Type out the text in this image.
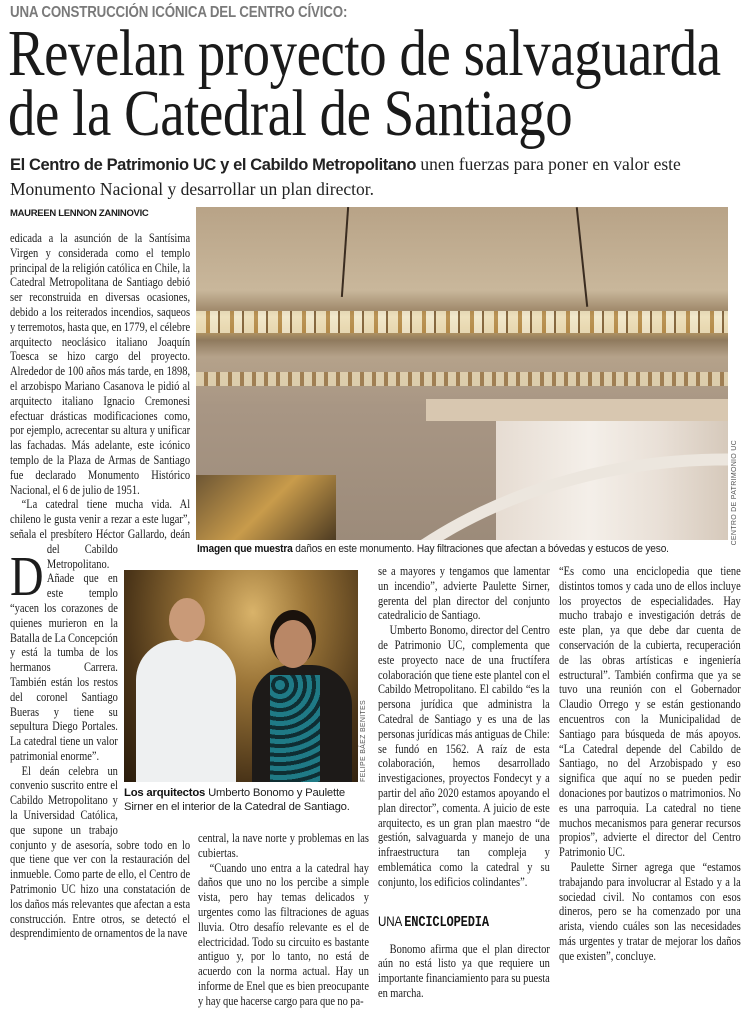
UNA CONSTRUCCIÓN ICÓNICA DEL CENTRO CÍVICO:
Revelan proyecto de salvaguarda
de la Catedral de Santiago
El Centro de Patrimonio UC y el Cabildo Metropolitano unen fuerzas para poner en valor este Monumento Nacional y desarrollar un plan director.
MAUREEN LENNON ZANINOVIC
CENTRO DE PATRIMONIO UC
Imagen que muestra daños en este monumento. Hay filtraciones que afectan a bóvedas y estucos de yeso.

D
edicada a la asunción de la Santísima Virgen y considerada como el templo principal de la religión católica en Chile, la Catedral Metropolitana de Santiago debió ser reconstruida en diversas ocasiones, debido a los reiterados incendios, saqueos y terremotos, hasta que, en 1779, el célebre arquitecto neoclásico italiano Joaquín Toesca se hizo cargo del proyecto. Alrededor de 100 años más tarde, en 1898, el arzobispo Mariano Casanova le pidió al arquitecto italiano Ignacio Cremonesi efectuar drásticas modificaciones como, por ejemplo, acrecentar su altura y unificar las fachadas. Más adelante, este icónico templo de la Plaza de Armas de Santiago fue declarado Monumento Histórico Nacional, el 6 de julio de 1951.

“La catedral tiene mucha vida. Al chileno le gusta venir a rezar a este lugar”, señala el presbítero Héctor Gallardo, deán del Cabildo Metropolitano. Añade que en este templo “yacen los corazones de quienes murieron en la Batalla de La Concepción y está la tumba de los hermanos Carrera. También están los restos del coronel Santiago Bueras y tiene su sepultura Diego Portales. La catedral tiene un valor patrimonial enorme”.

El deán celebra un convenio suscrito entre el Cabildo Metropolitano y la Universidad Católica, que supone un trabajo conjunto y de asesoría, sobre todo en lo que tiene que ver con la restauración del inmueble. Como parte de ello, el Centro de Patrimonio UC hizo una constatación de los daños más relevantes que afectan a esta construcción. Entre otros, se detectó el desprendimiento de ornamentos de la nave

FELIPE BÁEZ BENITES
Los arquitectos Umberto Bonomo y Paulette Sirner en el interior de la Catedral de Santiago.

central, la nave norte y problemas en las cubiertas.

“Cuando uno entra a la catedral hay daños que uno no los percibe a simple vista, pero hay temas delicados y urgentes como las filtraciones de aguas lluvia. Otro desafío relevante es el de electricidad. Todo su circuito es bastante antiguo y, por lo tanto, no está de acuerdo con la norma actual. Hay un informe de Enel que es bien preocupante y hay que hacerse cargo para que no pa-

se a mayores y tengamos que lamentar un incendio”, advierte Paulette Sirner, gerenta del plan director del conjunto catedralicio de Santiago.

Umberto Bonomo, director del Centro de Patrimonio UC, complementa que este proyecto nace de una fructífera colaboración que tiene este plantel con el Cabildo Metropolitano. El cabildo “es la persona jurídica que administra la Catedral de Santiago y es una de las personas jurídicas más antiguas de Chile: se fundó en 1562. A raíz de esta colaboración, hemos desarrollado investigaciones, proyectos Fondecyt y a partir del año 2020 estamos apoyando el plan director”, comenta. A juicio de este arquitecto, es un gran plan maestro “de gestión, salvaguarda y manejo de una infraestructura tan compleja y emblemática como la catedral y su conjunto, los edificios colindantes”.

UNA ENCICLOPEDIA

Bonomo afirma que el plan director aún no está listo ya que requiere un importante financiamiento para su puesta en marcha.

“Es como una enciclopedia que tiene distintos tomos y cada uno de ellos incluye los proyectos de especialidades. Hay mucho trabajo e investigación detrás de este plan, ya que debe dar cuenta de conservación de la cubierta, recuperación de las obras artísticas e ingeniería estructural”. También confirma que ya se tuvo una reunión con el Gobernador Claudio Orrego y se están gestionando encuentros con la Municipalidad de Santiago para búsqueda de más apoyos. “La Catedral depende del Cabildo de Santiago, no del Arzobispado y eso significa que aquí no se pueden pedir donaciones por bautizos o matrimonios. No es una parroquia. La catedral no tiene muchos mecanismos para generar recursos propios”, advierte el director del Centro Patrimonio UC.

Paulette Sirner agrega que “estamos trabajando para involucrar al Estado y a la sociedad civil. No contamos con esos dineros, pero se ha comenzado por una arista, viendo cuáles son las necesidades más urgentes y tratar de mejorar los daños que existen”, concluye.
